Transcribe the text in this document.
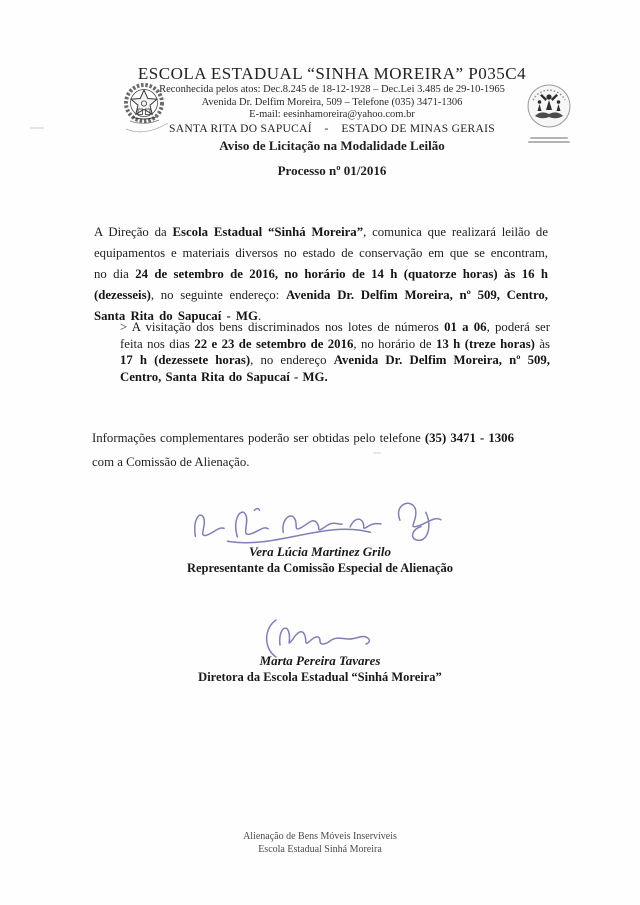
ESCOLA ESTADUAL “SINHA MOREIRA” P035C4
Reconhecida pelos atos: Dec.8.245 de 18-12-1928 – Dec.Lei 3.485 de 29-10-1965
Avenida Dr. Delfim Moreira, 509 – Telefone (035) 3471-1306
E-mail: eesinhamoreira@yahoo.com.br
SANTA RITA DO SAPUCAÍ    -    ESTADO DE MINAS GERAIS
Aviso de Licitação na Modalidade Leilão
Processo nº 01/2016
A Direção da Escola Estadual “Sinhá Moreira”, comunica que realizará leilão de equipamentos e materiais diversos no estado de conservação em que se encontram, no dia 24 de setembro de 2016, no horário de 14 h (quatorze horas) às 16 h (dezesseis), no seguinte endereço: Avenida Dr. Delfim Moreira, nº 509, Centro, Santa Rita do Sapucaí - MG.
> A visitação dos bens discriminados nos lotes de números 01 a 06, poderá ser feita nos dias 22 e 23 de setembro de 2016, no horário de 13 h (treze horas) às 17 h (dezessete horas), no endereço Avenida Dr. Delfim Moreira, nº 509, Centro, Santa Rita do Sapucaí - MG.
Informações complementares poderão ser obtidas pelo telefone (35) 3471 - 1306          com a Comissão de Alienação.
Vera Lúcia Martinez Grilo
Representante da Comissão Especial de Alienação
Marta Pereira Tavares
Diretora da Escola Estadual “Sinhá Moreira”
Alienação de Bens Móveis Inservíveis
Escola Estadual Sinhá Moreira
